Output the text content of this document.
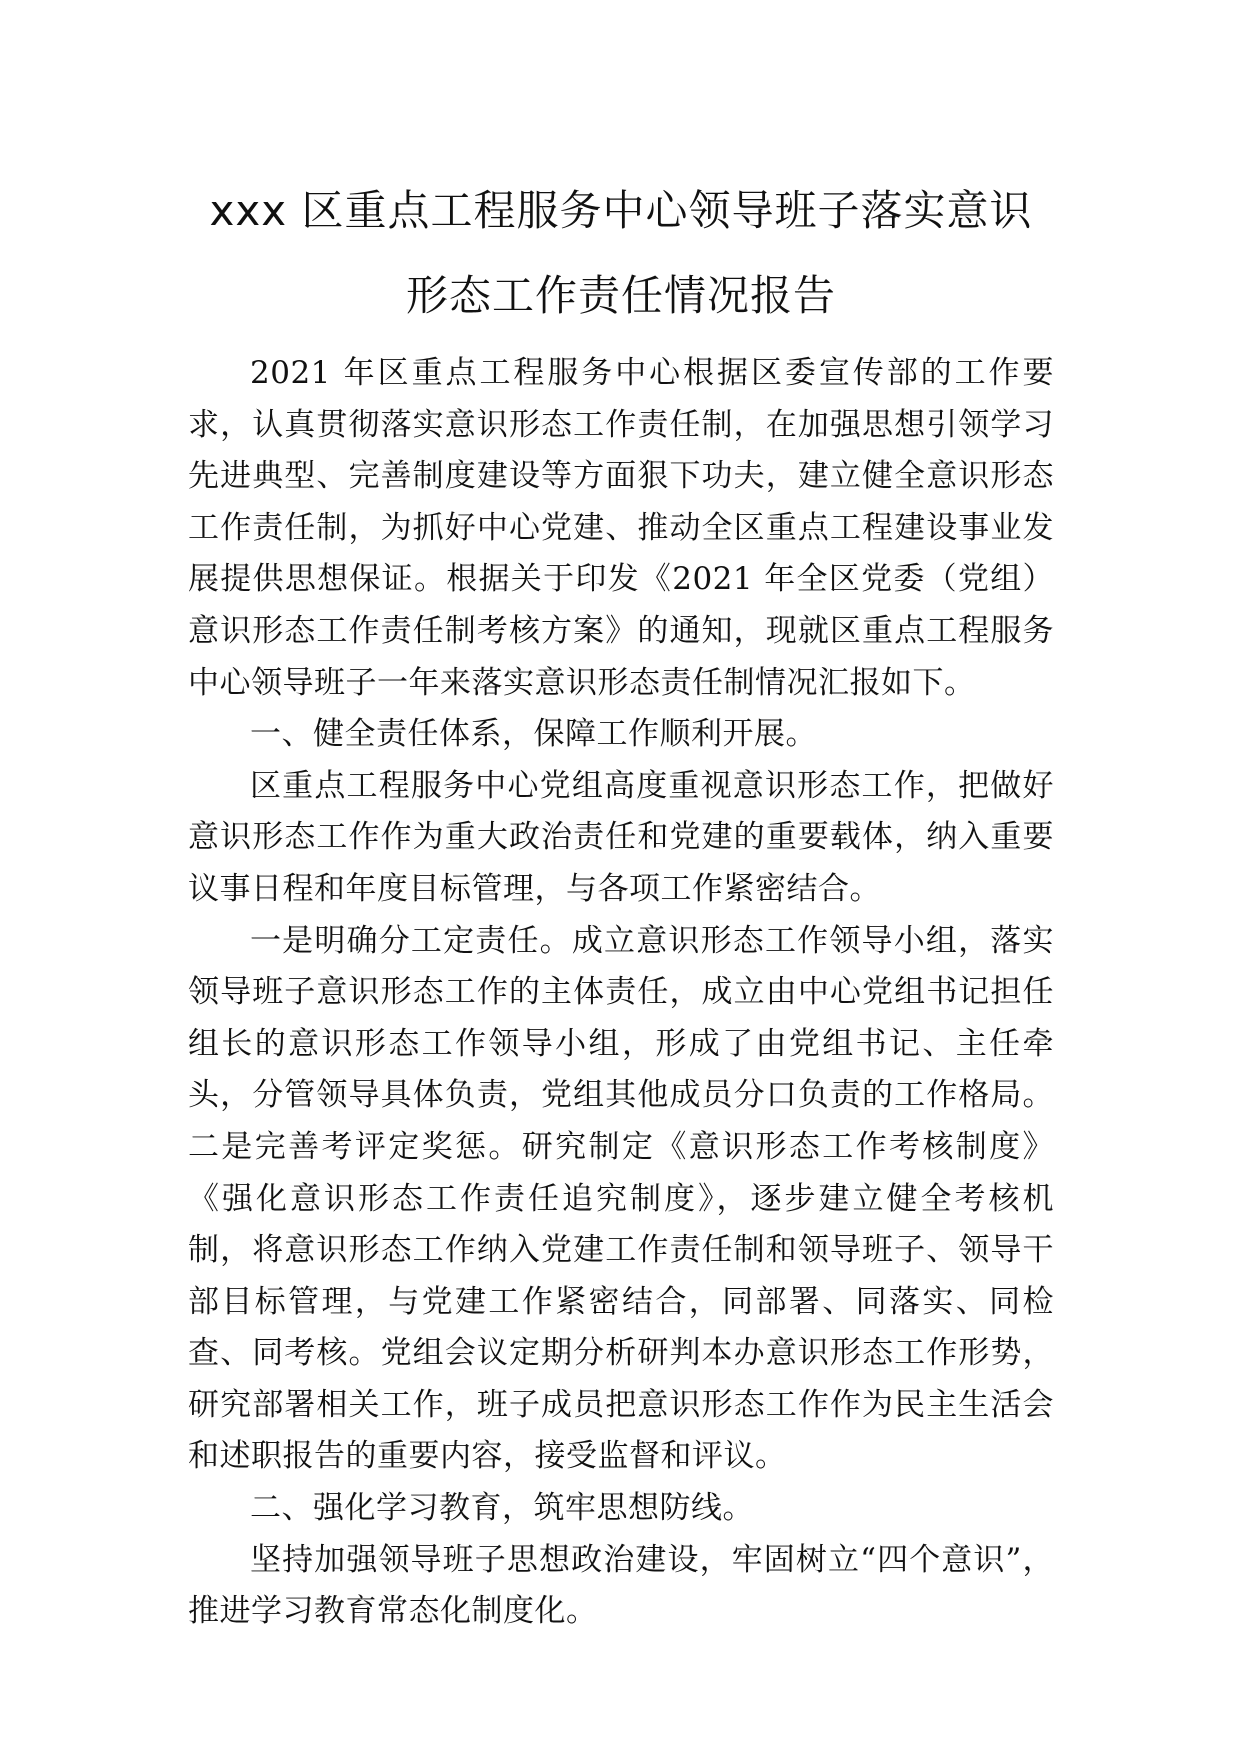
xxx 区重点工程服务中心领导班子落实意识
形态工作责任情况报告

2021 年区重点工程服务中心根据区委宣传部的工作要求，认真贯彻落实意识形态工作责任制，在加强思想引领学习先进典型、完善制度建设等方面狠下功夫，建立健全意识形态工作责任制，为抓好中心党建、推动全区重点工程建设事业发展提供思想保证。根据关于印发《2021 年全区党委（党组）意识形态工作责任制考核方案》的通知，现就区重点工程服务中心领导班子一年来落实意识形态责任制情况汇报如下。

一、健全责任体系，保障工作顺利开展。

区重点工程服务中心党组高度重视意识形态工作，把做好意识形态工作作为重大政治责任和党建的重要载体，纳入重要议事日程和年度目标管理，与各项工作紧密结合。

一是明确分工定责任。成立意识形态工作领导小组，落实领导班子意识形态工作的主体责任，成立由中心党组书记担任组长的意识形态工作领导小组，形成了由党组书记、主任牵头，分管领导具体负责，党组其他成员分口负责的工作格局。二是完善考评定奖惩。研究制定《意识形态工作考核制度》《强化意识形态工作责任追究制度》，逐步建立健全考核机制，将意识形态工作纳入党建工作责任制和领导班子、领导干部目标管理，与党建工作紧密结合，同部署、同落实、同检查、同考核。党组会议定期分析研判本办意识形态工作形势，研究部署相关工作，班子成员把意识形态工作作为民主生活会和述职报告的重要内容，接受监督和评议。

二、强化学习教育，筑牢思想防线。

坚持加强领导班子思想政治建设，牢固树立“四个意识”，推进学习教育常态化制度化。
